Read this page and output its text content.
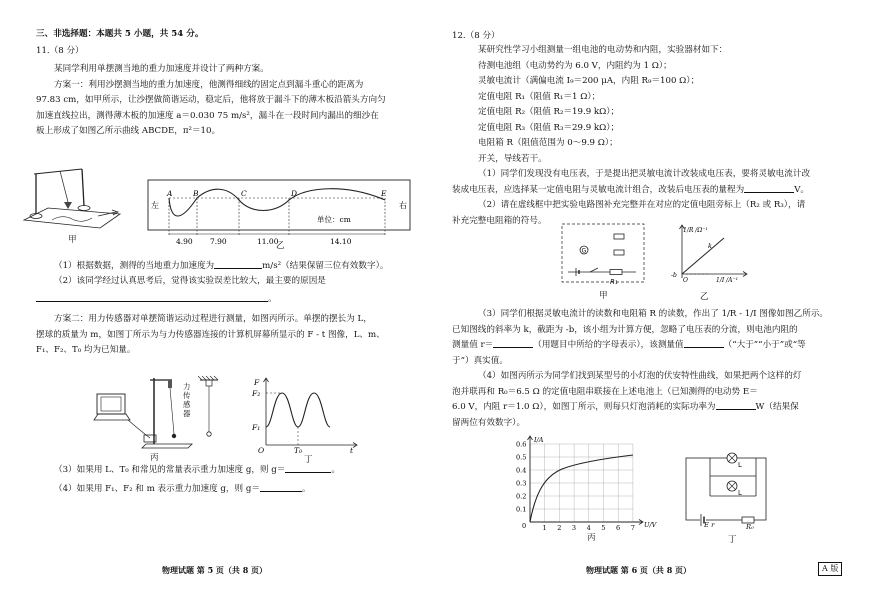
三、非选择题：本题共 5 小题，共 54 分。
11.（8 分）
某同学利用单摆测当地的重力加速度并设计了两种方案。
方案一：利用沙摆测当地的重力加速度，他测得细线的固定点到漏斗重心的距离为
97.83 cm，如甲所示，让沙摆做简谐运动，稳定后，他将放于漏斗下的薄木板沿箭头方向匀
加速直线拉出，测得薄木板的加速度 a＝0.030 75 m/s²，漏斗在一段时间内漏出的细沙在
板上形成了如图乙所示曲线 ABCDE，π²＝10。
甲
左	右
单位：cm
A	B	C	D	E
4.90 7.90	11.00	14.10
乙
（1）根据数据，测得的当地重力加速度为	m/s²（结果保留三位有效数字）。
（2）该同学经过认真思考后，觉得该实验误差比较大，最主要的原因是
。
方案二：用力传感器对单摆简谐运动过程进行测量，如图丙所示。单摆的摆长为 L，
摆球的质量为 m，如图丁所示为与力传感器连接的计算机屏幕所显示的 F - t 图像，L、m、
F₁、F₂、T₀ 均为已知量。
力传感器
丙
F
F₂
F₁
O	T₀	t
丁
（3）如果用 L、T₀ 和常见的常量表示重力加速度 g，则 g＝	。
（4）如果用 F₁、F₂ 和 m 表示重力加速度 g，则 g＝	。
物理试题 第 5 页（共 8 页）
12.（8 分）
某研究性学习小组测量一组电池的电动势和内阻，实验器材如下：
待测电池组（电动势约为 6.0 V，内阻约为 1 Ω）；
灵敏电流计（满偏电流 I₉＝200 μA，内阻 R₉＝100 Ω）；
定值电阻 R₁（阻值 R₁＝1 Ω）；
定值电阻 R₂（阻值 R₂＝19.9 kΩ）；
定值电阻 R₃（阻值 R₃＝29.9 kΩ）；
电阻箱 R（阻值范围为 0～9.9 Ω）；
开关，导线若干。
（1）同学们发现没有电压表，于是提出把灵敏电流计改装成电压表，要将灵敏电流计改
装成电压表，应选择某一定值电阻与灵敏电流计组合，改装后电压表的量程为	V。
（2）请在虚线框中把实验电路图补充完整并在对应的定值电阻旁标上（R₂ 或 R₃），请
补充完整电阻箱的符号。
G
R₁
甲
1/R /Ω⁻¹
1/I /A⁻¹
k
-b
O
乙
（3）同学们根据灵敏电流计的读数和电阻箱 R 的读数，作出了 1/R - 1/I 图像如图乙所示。
已知图线的斜率为 k，截距为 -b，该小组为计算方便，忽略了电压表的分流，则电池内阻的
测量值 r＝	（用题目中所给的字母表示），该测量值	（“大于”“小于”或“等
于”）真实值。
（4）如图丙所示为同学们找到某型号的小灯泡的伏安特性曲线，如果把两个这样的灯
泡并联再和 R₀＝6.5 Ω 的定值电阻串联接在上述电池上（已知测得的电动势 E＝
6.0 V，内阻 r＝1.0 Ω），如图丁所示，则每只灯泡消耗的实际功率为	W（结果保
留两位有效数字）。
I/A
U/V
0
0.1
0.2
0.3
0.4
0.5
0.6
1 2 3 4 5 6 7
丙
L
L
E r	R₀
丁
物理试题 第 6 页（共 8 页）	A 版
